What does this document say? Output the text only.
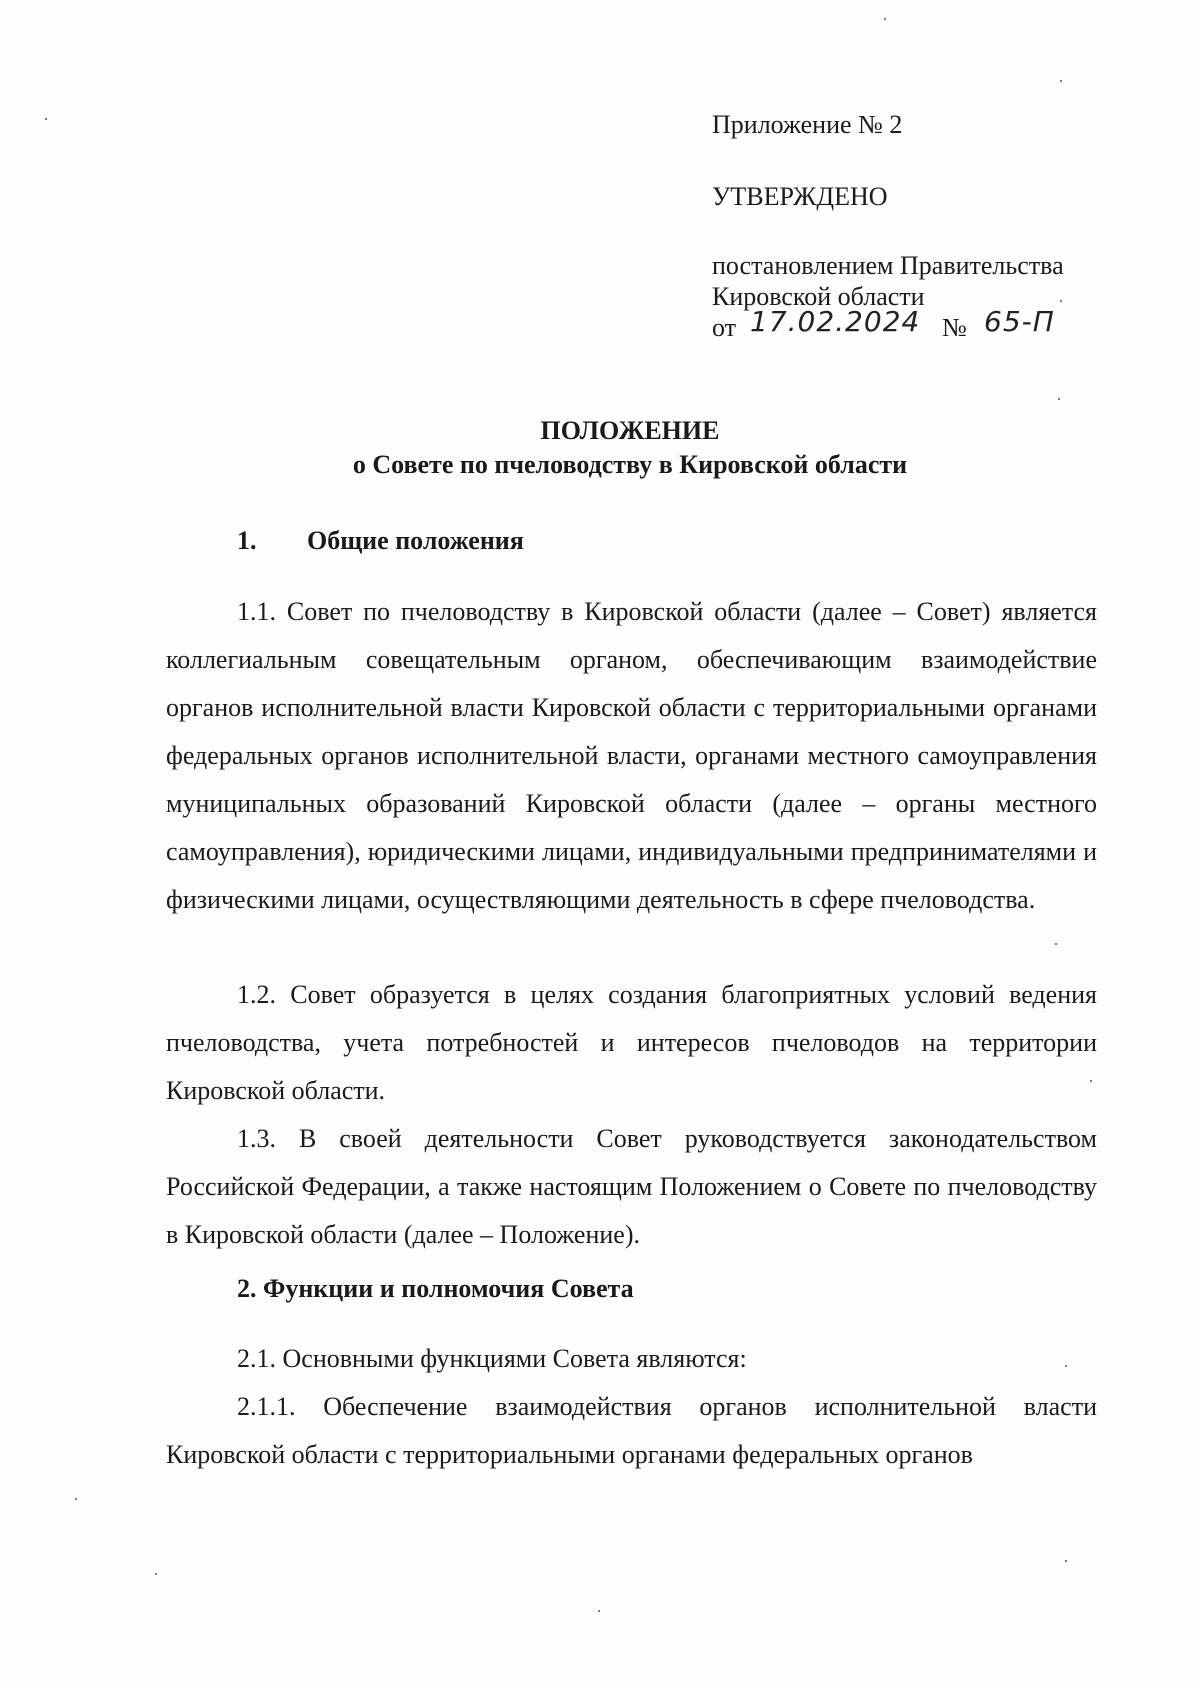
Приложение № 2
УТВЕРЖДЕНО
постановлением Правительства
Кировской области
от 17.02.2024 № 65-П
ПОЛОЖЕНИЕ
о Совете по пчеловодству в Кировской области
1. Общие положения
1.1. Совет по пчеловодству в Кировской области (далее – Совет) является коллегиальным совещательным органом, обеспечивающим взаимодействие органов исполнительной власти Кировской области с территориальными органами федеральных органов исполнительной власти, органами местного самоуправления муниципальных образований Кировской области (далее – органы местного самоуправления), юридическими лицами, индивидуальными предпринимателями и физическими лицами, осуществляющими деятельность в сфере пчеловодства.
1.2. Совет образуется в целях создания благоприятных условий ведения пчеловодства, учета потребностей и интересов пчеловодов на территории Кировской области.
1.3. В своей деятельности Совет руководствуется законодательством Российской Федерации, а также настоящим Положением о Совете по пчеловодству в Кировской области (далее – Положение).
2. Функции и полномочия Совета
2.1. Основными функциями Совета являются:
2.1.1. Обеспечение взаимодействия органов исполнительной власти Кировской области с территориальными органами федеральных органов
